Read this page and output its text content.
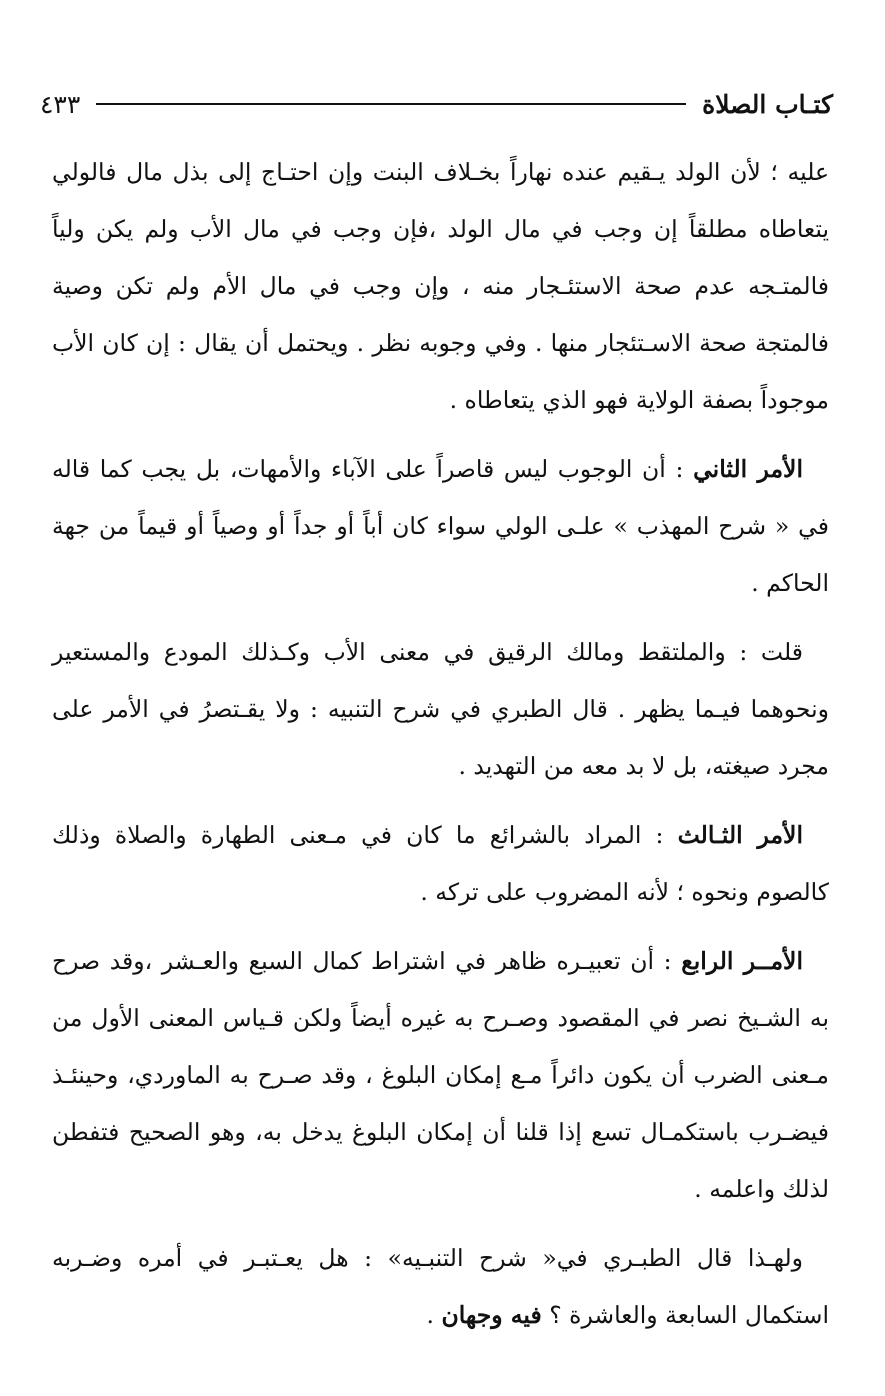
كتـاب الصلاة
٤٣٣

عليه ؛ لأن الولد يـقيم عنده نهاراً بخـلاف البنت وإن احتـاج إلى بذل مال فالولي يتعاطاه مطلقاً إن وجب في مال الولد ،فإن وجب في مال الأب ولم يكن ولياً فالمتـجه عدم صحة الاستئـجار منه ، وإن وجب في مال الأم ولم تكن وصية فالمتجة صحة الاسـتئجار منها . وفي وجوبه نظر . ويحتمل أن يقال : إن كان الأب موجوداً بصفة الولاية فهو الذي يتعاطاه .

الأمر الثاني : أن الوجوب ليس قاصراً على الآباء والأمهات، بل يجب كما قاله في « شرح المهذب » علـى الولي سواء كان أباً أو جداً أو وصياً أو قيماً من جهة الحاكم .

قلت : والملتقط ومالك الرقيق في معنى الأب وكـذلك المودع والمستعير ونحوهما فيـما يظهر . قال الطبري في شرح التنبيه : ولا يقـتصرُ في الأمر على مجرد صيغته، بل لا بد معه من التهديد .

الأمر الثـالث : المراد بالشرائع ما كان في مـعنى الطهارة والصلاة وذلك كالصوم ونحوه ؛ لأنه المضروب على تركه .

الأمــر الرابع : أن تعبيـره ظاهر في اشتراط كمال السبع والعـشر ،وقد صرح به الشـيخ نصر في المقصود وصـرح به غيره أيضاً ولكن قـياس المعنى الأول من مـعنى الضرب أن يكون دائراً مـع إمكان البلوغ ، وقد صـرح به الماوردي، وحينئـذ فيضـرب باستكمـال تسع إذا قلنا أن إمكان البلوغ يدخل به، وهو الصحيح فتفطن لذلك واعلمه .

ولهـذا قال الطبـري في« شرح التنبـيه» : هل يعـتبـر في أمره وضـربه استكمال السابعة والعاشرة ؟ فيه وجهان .
